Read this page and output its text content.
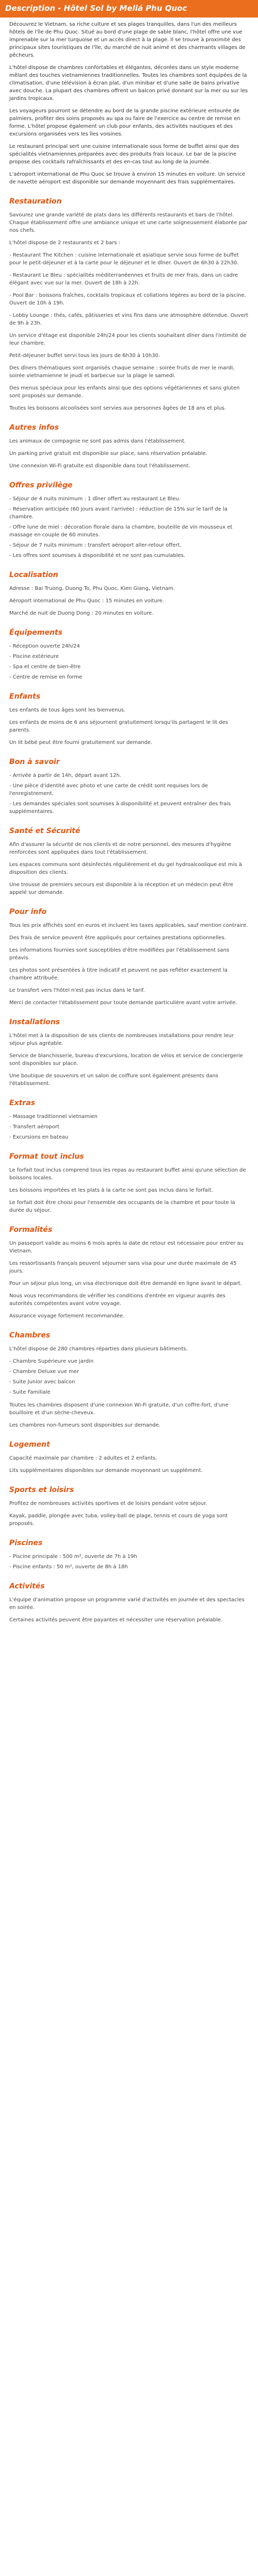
Description - Hôtel Sol by Meliá Phu Quoc

Découvrez le Vietnam, sa riche culture et ses plages tranquilles, dans l'un des meilleurs hôtels de l'île de Phu Quoc. Situé au bord d'une plage de sable blanc, l'hôtel offre une vue imprenable sur la mer turquoise et un accès direct à la plage. Il se trouve à proximité des principaux sites touristiques de l'île, du marché de nuit animé et des charmants villages de pêcheurs.

L'hôtel dispose de chambres confortables et élégantes, décorées dans un style moderne mêlant des touches vietnamiennes traditionnelles. Toutes les chambres sont équipées de la climatisation, d'une télévision à écran plat, d'un minibar et d'une salle de bains privative avec douche. La plupart des chambres offrent un balcon privé donnant sur la mer ou sur les jardins tropicaux.

Les voyageurs pourront se détendre au bord de la grande piscine extérieure entourée de palmiers, profiter des soins proposés au spa ou faire de l'exercice au centre de remise en forme. L'hôtel propose également un club pour enfants, des activités nautiques et des excursions organisées vers les îles voisines.

Le restaurant principal sert une cuisine internationale sous forme de buffet ainsi que des spécialités vietnamiennes préparées avec des produits frais locaux. Le bar de la piscine propose des cocktails rafraîchissants et des en-cas tout au long de la journée.

L'aéroport international de Phu Quoc se trouve à environ 15 minutes en voiture. Un service de navette aéroport est disponible sur demande moyennant des frais supplémentaires.

Restauration

Savourez une grande variété de plats dans les différents restaurants et bars de l'hôtel. Chaque établissement offre une ambiance unique et une carte soigneusement élaborée par nos chefs.

L'hôtel dispose de 2 restaurants et 2 bars :

- Restaurant The Kitchen : cuisine internationale et asiatique servie sous forme de buffet pour le petit-déjeuner et à la carte pour le déjeuner et le dîner. Ouvert de 6h30 à 22h30.

- Restaurant Le Bleu : spécialités méditerranéennes et fruits de mer frais, dans un cadre élégant avec vue sur la mer. Ouvert de 18h à 22h.

- Pool Bar : boissons fraîches, cocktails tropicaux et collations légères au bord de la piscine. Ouvert de 10h à 19h.

- Lobby Lounge : thés, cafés, pâtisseries et vins fins dans une atmosphère détendue. Ouvert de 9h à 23h.

Un service d'étage est disponible 24h/24 pour les clients souhaitant dîner dans l'intimité de leur chambre.

Petit-déjeuner buffet servi tous les jours de 6h30 à 10h30.

Des dîners thématiques sont organisés chaque semaine : soirée fruits de mer le mardi, soirée vietnamienne le jeudi et barbecue sur la plage le samedi.

Des menus spéciaux pour les enfants ainsi que des options végétariennes et sans gluten sont proposés sur demande.

Toutes les boissons alcoolisées sont servies aux personnes âgées de 18 ans et plus.

Autres infos

Les animaux de compagnie ne sont pas admis dans l'établissement.

Un parking privé gratuit est disponible sur place, sans réservation préalable.

Une connexion Wi-Fi gratuite est disponible dans tout l'établissement.

Offres privilège
- Séjour de 4 nuits minimum : 1 dîner offert au restaurant Le Bleu.
- Réservation anticipée (60 jours avant l'arrivée) : réduction de 15% sur le tarif de la chambre.
- Offre lune de miel : décoration florale dans la chambre, bouteille de vin mousseux et massage en couple de 60 minutes.
- Séjour de 7 nuits minimum : transfert aéroport aller-retour offert.
- Les offres sont soumises à disponibilité et ne sont pas cumulables.
Localisation

Adresse : Bai Truong, Duong To, Phu Quoc, Kien Giang, Vietnam.

Aéroport international de Phu Quoc : 15 minutes en voiture.

Marché de nuit de Duong Dong : 20 minutes en voiture.

Équipements
- Réception ouverte 24h/24
- Piscine extérieure
- Spa et centre de bien-être
- Centre de remise en forme
Enfants

Les enfants de tous âges sont les bienvenus.

Les enfants de moins de 6 ans séjournent gratuitement lorsqu'ils partagent le lit des parents.

Un lit bébé peut être fourni gratuitement sur demande.

Bon à savoir
- Arrivée à partir de 14h, départ avant 12h.
- Une pièce d'identité avec photo et une carte de crédit sont requises lors de l'enregistrement.
- Les demandes spéciales sont soumises à disponibilité et peuvent entraîner des frais supplémentaires.
Santé et Sécurité

Afin d'assurer la sécurité de nos clients et de notre personnel, des mesures d'hygiène renforcées sont appliquées dans tout l'établissement.

Les espaces communs sont désinfectés régulièrement et du gel hydroalcoolique est mis à disposition des clients.

Une trousse de premiers secours est disponible à la réception et un médecin peut être appelé sur demande.

Pour info

Tous les prix affichés sont en euros et incluent les taxes applicables, sauf mention contraire.

Des frais de service peuvent être appliqués pour certaines prestations optionnelles.

Les informations fournies sont susceptibles d'être modifiées par l'établissement sans préavis.

Les photos sont présentées à titre indicatif et peuvent ne pas refléter exactement la chambre attribuée.

Le transfert vers l'hôtel n'est pas inclus dans le tarif.

Merci de contacter l'établissement pour toute demande particulière avant votre arrivée.

Installations

L'hôtel met à la disposition de ses clients de nombreuses installations pour rendre leur séjour plus agréable.

Service de blanchisserie, bureau d'excursions, location de vélos et service de conciergerie sont disponibles sur place.

Une boutique de souvenirs et un salon de coiffure sont également présents dans l'établissement.

Extras
- Massage traditionnel vietnamien
- Transfert aéroport
- Excursions en bateau
Format tout inclus

Le forfait tout inclus comprend tous les repas au restaurant buffet ainsi qu'une sélection de boissons locales.

Les boissons importées et les plats à la carte ne sont pas inclus dans le forfait.

Le forfait doit être choisi pour l'ensemble des occupants de la chambre et pour toute la durée du séjour.

Formalités

Un passeport valide au moins 6 mois après la date de retour est nécessaire pour entrer au Vietnam.

Les ressortissants français peuvent séjourner sans visa pour une durée maximale de 45 jours.

Pour un séjour plus long, un visa électronique doit être demandé en ligne avant le départ.

Nous vous recommandons de vérifier les conditions d'entrée en vigueur auprès des autorités compétentes avant votre voyage.

Assurance voyage fortement recommandée.

Chambres

L'hôtel dispose de 280 chambres réparties dans plusieurs bâtiments.

- Chambre Supérieure vue jardin
- Chambre Deluxe vue mer
- Suite Junior avec balcon
- Suite Familiale

Toutes les chambres disposent d'une connexion Wi-Fi gratuite, d'un coffre-fort, d'une bouilloire et d'un sèche-cheveux.

Les chambres non-fumeurs sont disponibles sur demande.

Logement

Capacité maximale par chambre : 2 adultes et 2 enfants.

Lits supplémentaires disponibles sur demande moyennant un supplément.

Sports et loisirs

Profitez de nombreuses activités sportives et de loisirs pendant votre séjour.

Kayak, paddle, plongée avec tuba, volley-ball de plage, tennis et cours de yoga sont proposés.

Piscines
- Piscine principale : 500 m², ouverte de 7h à 19h
- Piscine enfants : 50 m², ouverte de 8h à 18h
Activités

L'équipe d'animation propose un programme varié d'activités en journée et des spectacles en soirée.

Certaines activités peuvent être payantes et nécessiter une réservation préalable.
